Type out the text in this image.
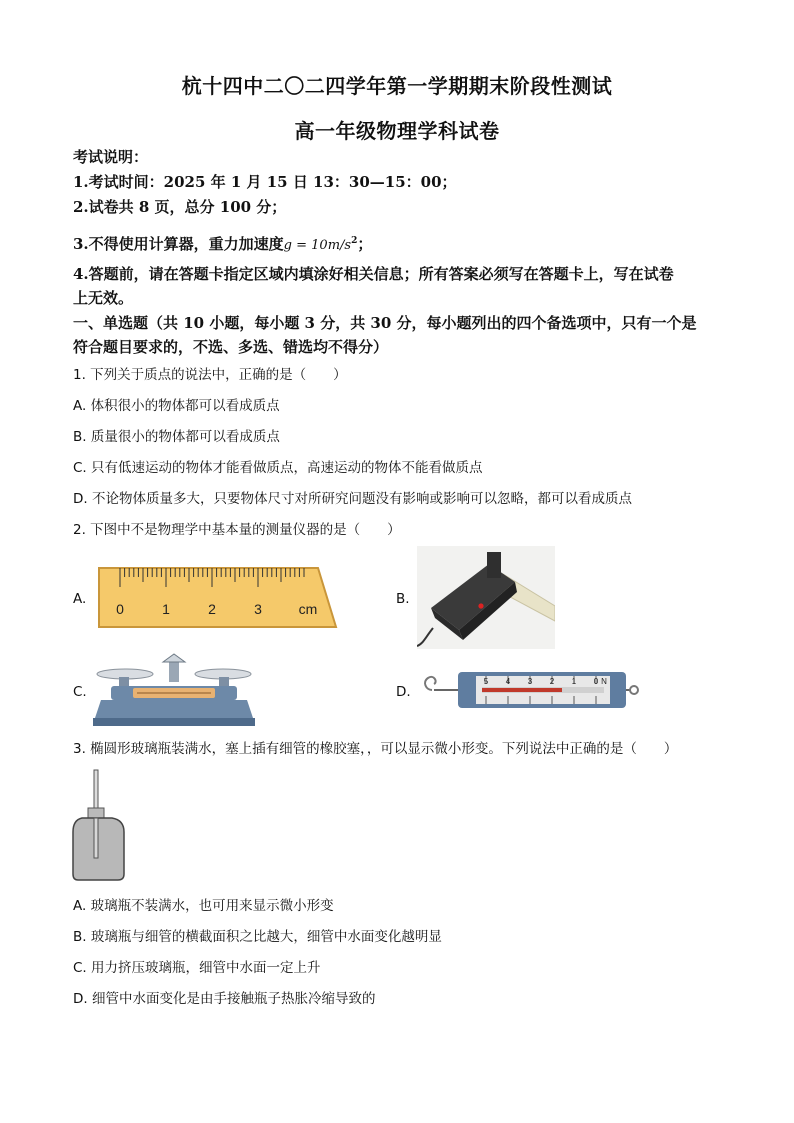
杭十四中二〇二四学年第一学期期末阶段性测试
高一年级物理学科试卷
考试说明：
1.考试时间：2025 年 1 月 15 日 13：30—15：00；
2.试卷共 8 页，总分 100 分；
3.不得使用计算器，重力加速度$g = 10m/s^2$；
4.答题前，请在答题卡指定区域内填涂好相关信息；所有答案必须写在答题卡上，写在试卷
上无效。
一、单选题（共 10 小题，每小题 3 分，共 30 分，每小题列出的四个备选项中，只有一个是
符合题目要求的，不选、多选、错选均不得分）
1. 下列关于质点的说法中，正确的是（　　）
A. 体积很小的物体都可以看成质点
B. 质量很小的物体都可以看成质点
C. 只有低速运动的物体才能看做质点，高速运动的物体不能看做质点
D. 不论物体质量多大，只要物体尺寸对所研究问题没有影响或影响可以忽略，都可以看成质点
2. 下图中不是物理学中基本量的测量仪器的是（　　）
A.
0	1	2	3	cm
B.
C.	D.
0
1
2
3
4
5	N
3. 椭圆形玻璃瓶装满水，塞上插有细管的橡胶塞，，可以显示微小形变。下列说法中正确的是（　　）
A. 玻璃瓶不装满水，也可用来显示微小形变
B. 玻璃瓶与细管的横截面积之比越大，细管中水面变化越明显
C. 用力挤压玻璃瓶，细管中水面一定上升
D. 细管中水面变化是由手接触瓶子热胀冷缩导致的
